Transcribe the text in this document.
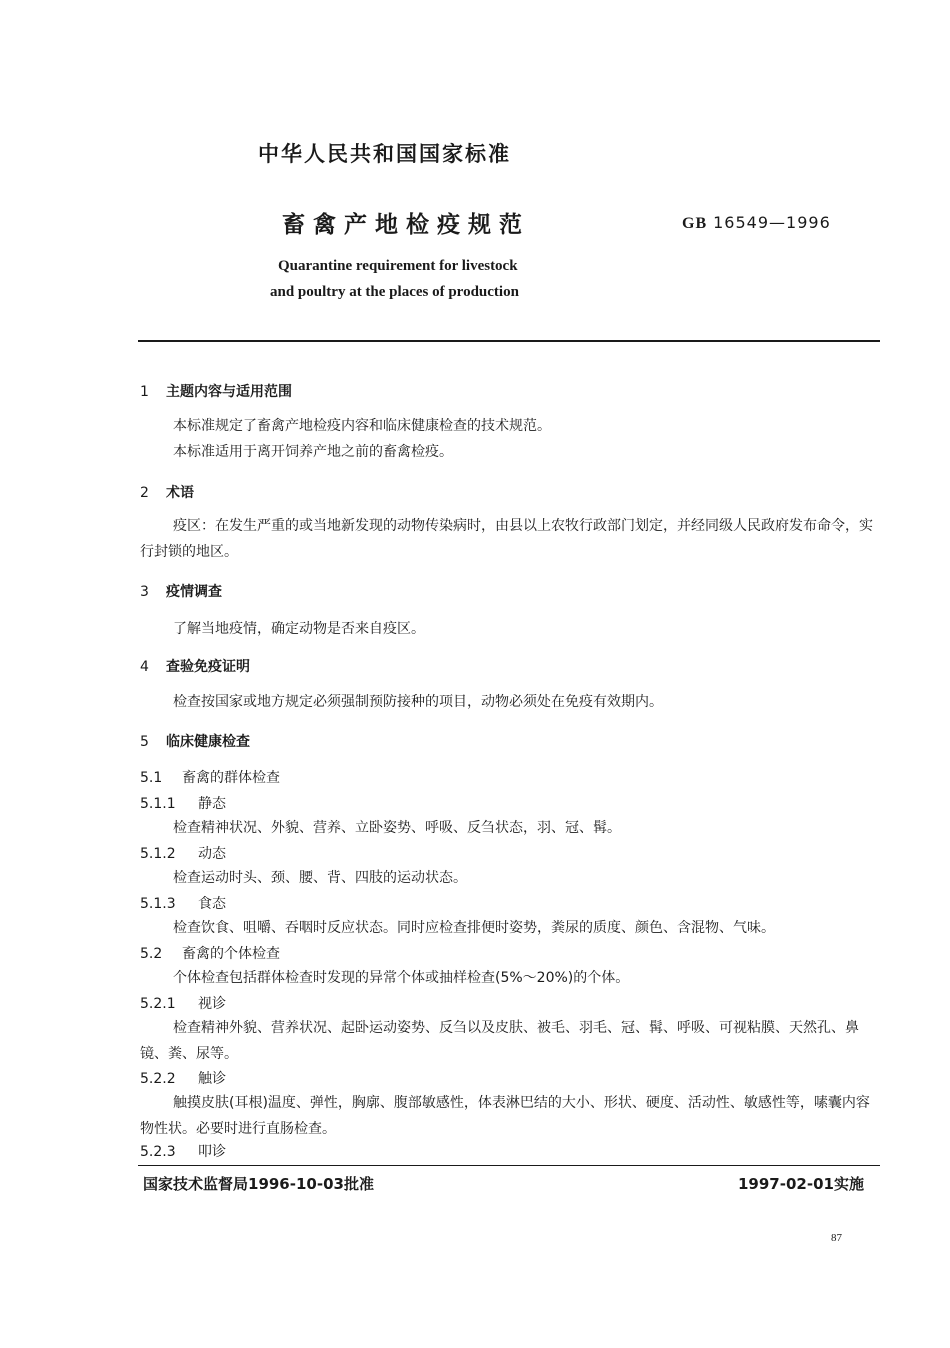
中华人民共和国国家标准
畜禽产地检疫规范	GB 16549—1996
Quarantine requirement for livestock
and poultry at the places of production
1 主题内容与适用范围
本标准规定了畜禽产地检疫内容和临床健康检查的技术规范。
本标准适用于离开饲养产地之前的畜禽检疫。
2 术语
疫区：在发生严重的或当地新发现的动物传染病时，由县以上农牧行政部门划定，并经同级人民政府发布命令，实行封锁的地区。
3 疫情调查
了解当地疫情，确定动物是否来自疫区。
4 查验免疫证明
检查按国家或地方规定必须强制预防接种的项目，动物必须处在免疫有效期内。
5 临床健康检查
5.1 畜禽的群体检查
5.1.1 静态
检查精神状况、外貌、营养、立卧姿势、呼吸、反刍状态，羽、冠、髯。
5.1.2 动态
检查运动时头、颈、腰、背、四肢的运动状态。
5.1.3 食态
检查饮食、咀嚼、吞咽时反应状态。同时应检查排便时姿势，粪尿的质度、颜色、含混物、气味。
5.2 畜禽的个体检查
个体检查包括群体检查时发现的异常个体或抽样检查(5%～20%)的个体。
5.2.1 视诊
检查精神外貌、营养状况、起卧运动姿势、反刍以及皮肤、被毛、羽毛、冠、髯、呼吸、可视粘膜、天然孔、鼻镜、粪、尿等。
5.2.2 触诊
触摸皮肤(耳根)温度、弹性，胸廓、腹部敏感性，体表淋巴结的大小、形状、硬度、活动性、敏感性等，嗉囊内容物性状。必要时进行直肠检查。
5.2.3 叩诊
国家技术监督局1996-10-03批准	1997-02-01实施
87
